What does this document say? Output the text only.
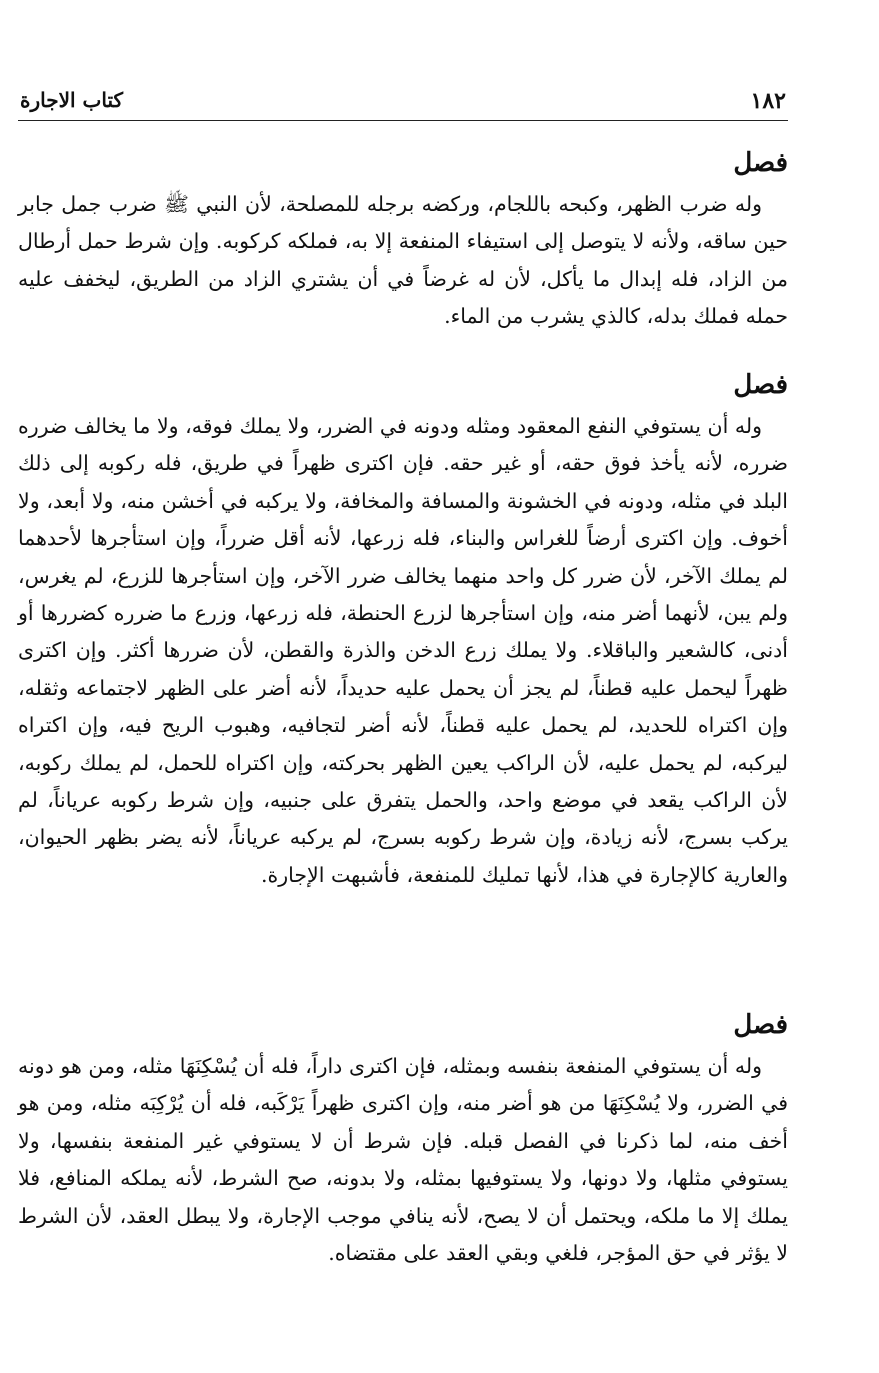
١٨٢
كتاب الاجارة
فصل

وله ضرب الظهر، وكبحه باللجام، وركضه برجله للمصلحة، لأن النبي ﷺ ضرب جمل جابر حين ساقه، ولأنه لا يتوصل إلى استيفاء المنفعة إلا به، فملكه كركوبه. وإن شرط حمل أرطال من الزاد، فله إبدال ما يأكل، لأن له غرضاً في أن يشتري الزاد من الطريق، ليخفف عليه حمله فملك بدله، كالذي يشرب من الماء.

فصل

وله أن يستوفي النفع المعقود ومثله ودونه في الضرر، ولا يملك فوقه، ولا ما يخالف ضرره ضرره، لأنه يأخذ فوق حقه، أو غير حقه. فإن اكترى ظهراً في طريق، فله ركوبه إلى ذلك البلد في مثله، ودونه في الخشونة والمسافة والمخافة، ولا يركبه في أخشن منه، ولا أبعد، ولا أخوف. وإن اكترى أرضاً للغراس والبناء، فله زرعها، لأنه أقل ضرراً، وإن استأجرها لأحدهما لم يملك الآخر، لأن ضرر كل واحد منهما يخالف ضرر الآخر، وإن استأجرها للزرع، لم يغرس، ولم يبن، لأنهما أضر منه، وإن استأجرها لزرع الحنطة، فله زرعها، وزرع ما ضرره كضررها أو أدنى، كالشعير والباقلاء. ولا يملك زرع الدخن والذرة والقطن، لأن ضررها أكثر. وإن اكترى ظهراً ليحمل عليه قطناً، لم يجز أن يحمل عليه حديداً، لأنه أضر على الظهر لاجتماعه وثقله، وإن اكتراه للحديد، لم يحمل عليه قطناً، لأنه أضر لتجافيه، وهبوب الريح فيه، وإن اكتراه ليركبه، لم يحمل عليه، لأن الراكب يعين الظهر بحركته، وإن اكتراه للحمل، لم يملك ركوبه، لأن الراكب يقعد في موضع واحد، والحمل يتفرق على جنبيه، وإن شرط ركوبه عرياناً، لم يركب بسرج، لأنه زيادة، وإن شرط ركوبه بسرج، لم يركبه عرياناً، لأنه يضر بظهر الحيوان، والعارية كالإجارة في هذا، لأنها تمليك للمنفعة، فأشبهت الإجارة.

فصل

وله أن يستوفي المنفعة بنفسه وبمثله، فإن اكترى داراً، فله أن يُسْكِنَهَا مثله، ومن هو دونه في الضرر، ولا يُسْكِنَهَا من هو أضر منه، وإن اكترى ظهراً يَرْكَبه، فله أن يُرْكِبَه مثله، ومن هو أخف منه، لما ذكرنا في الفصل قبله. فإن شرط أن لا يستوفي غير المنفعة بنفسها، ولا يستوفي مثلها، ولا دونها، ولا يستوفيها بمثله، ولا بدونه، صح الشرط، لأنه يملكه المنافع، فلا يملك إلا ما ملكه، ويحتمل أن لا يصح، لأنه ينافي موجب الإجارة، ولا يبطل العقد، لأن الشرط لا يؤثر في حق المؤجر، فلغي وبقي العقد على مقتضاه.
